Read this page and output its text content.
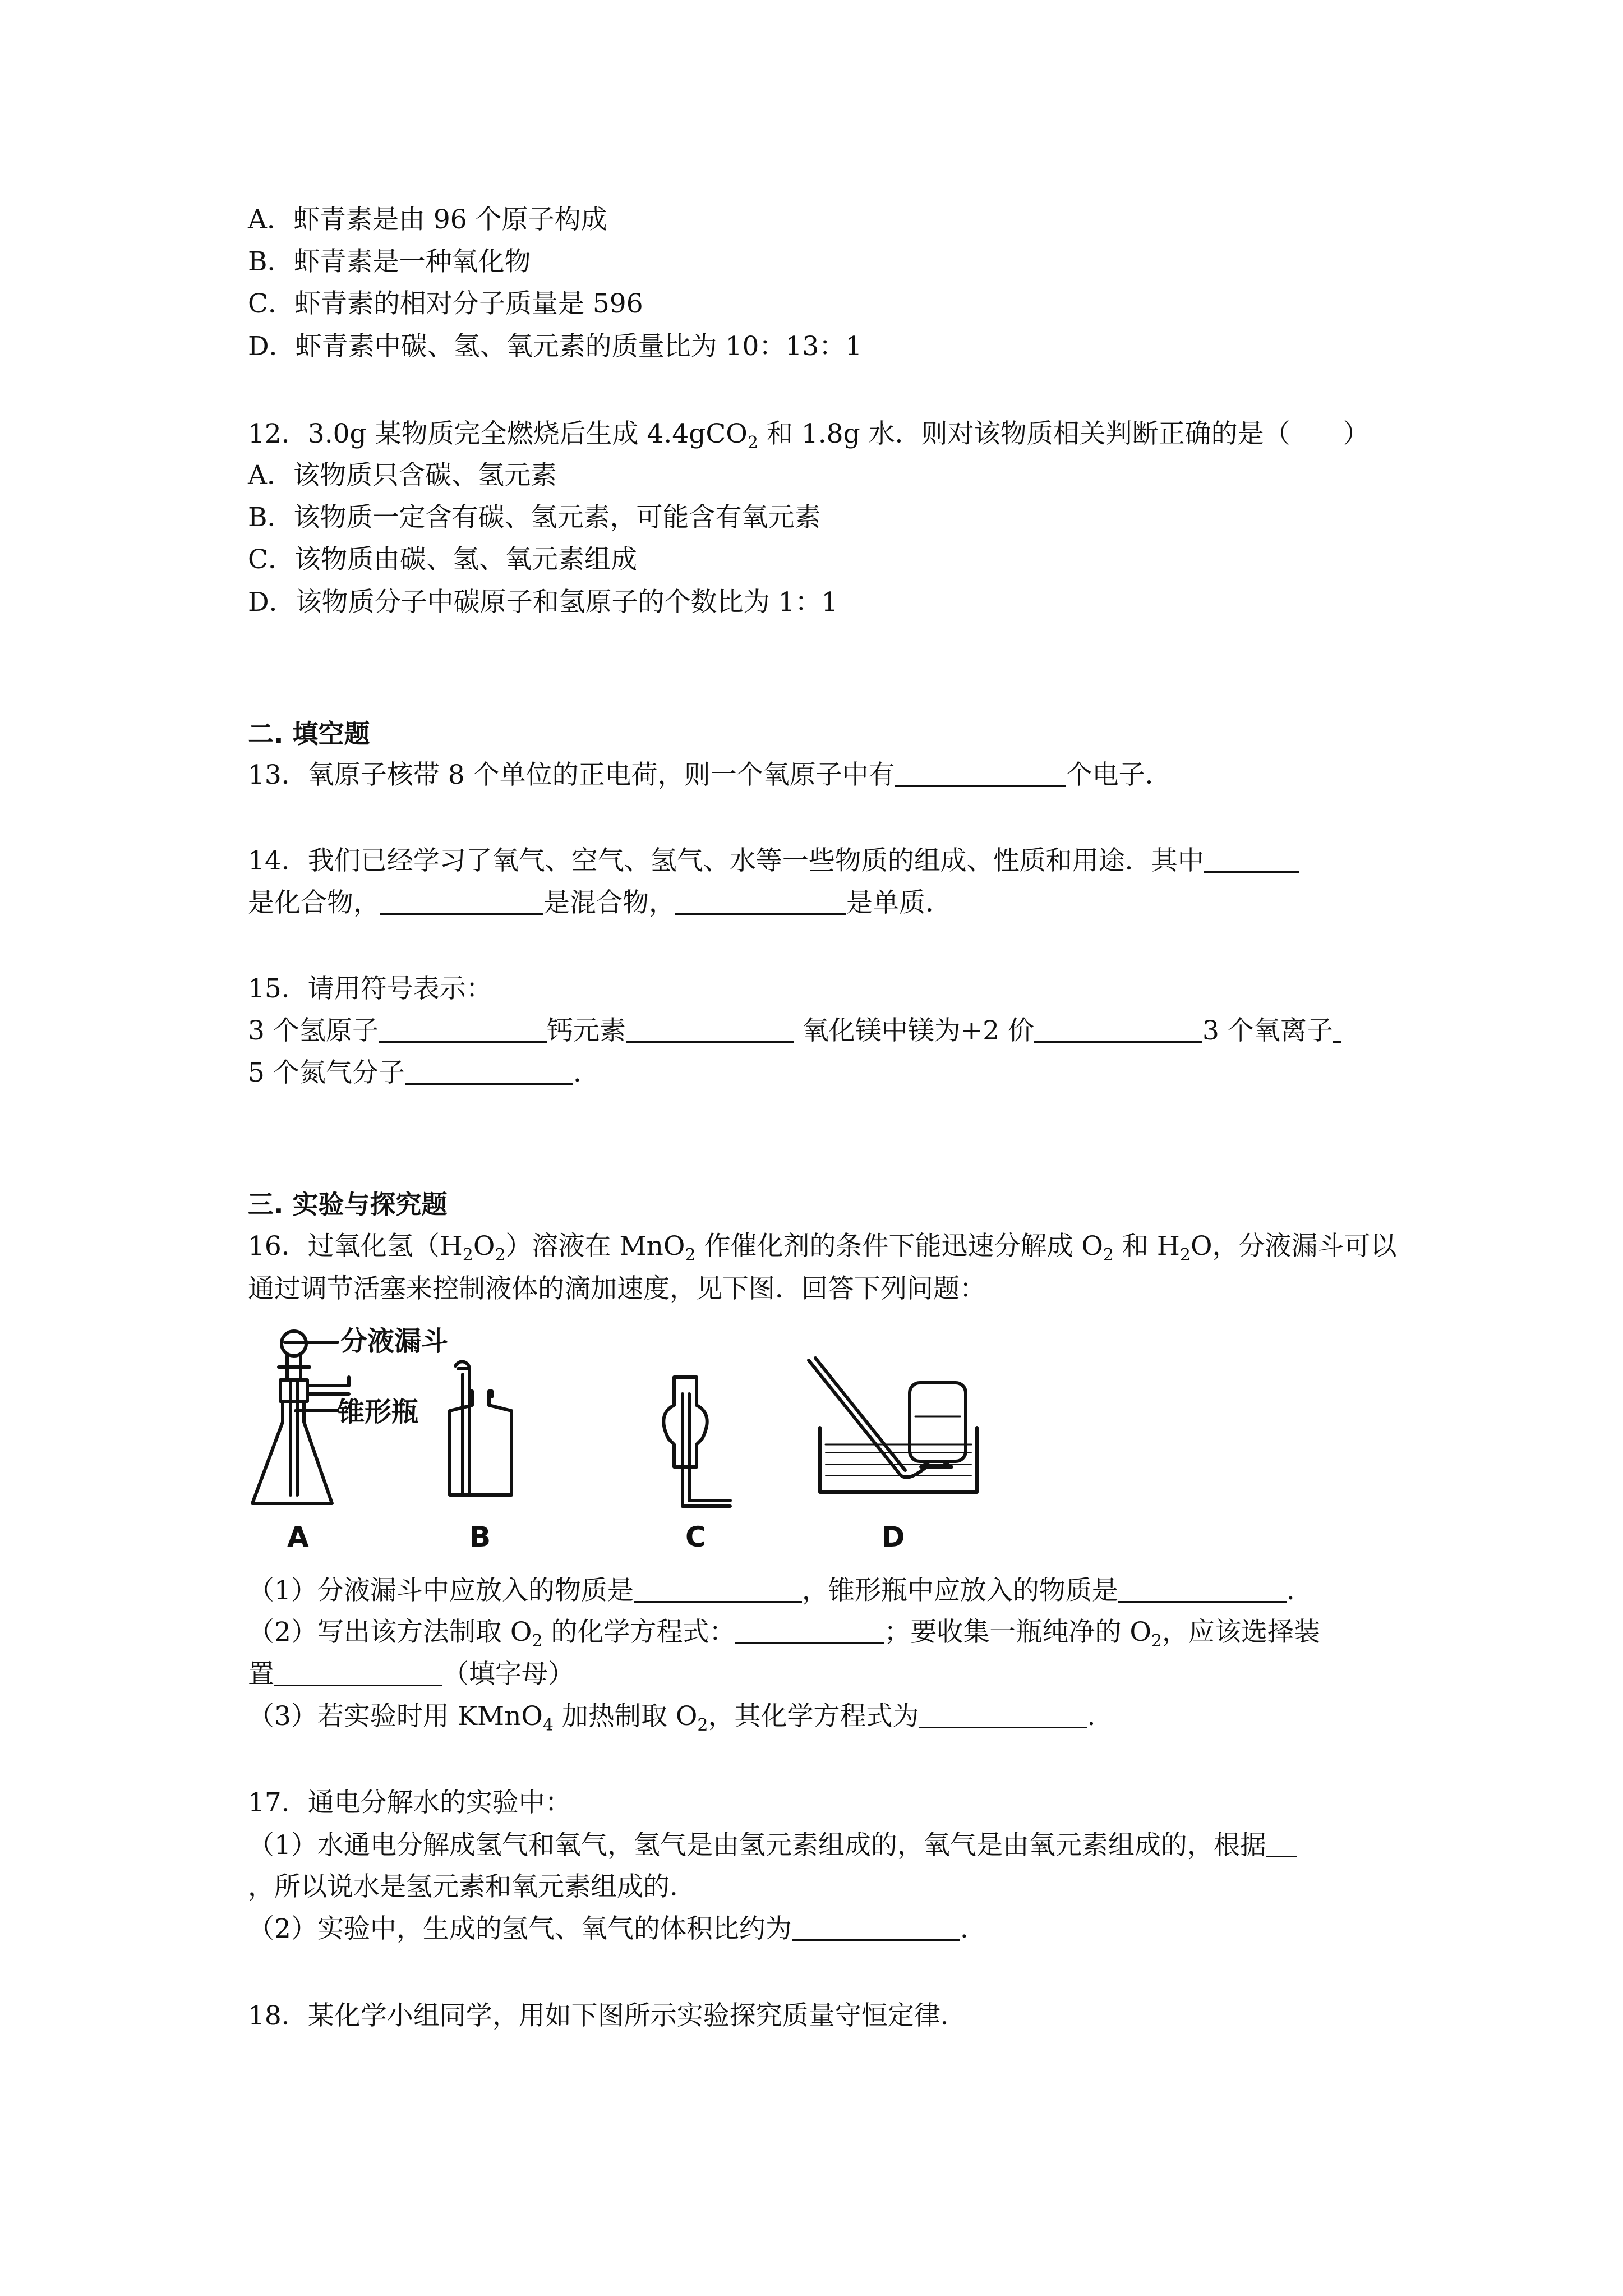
A．虾青素是由 96 个原子构成
B．虾青素是一种氧化物
C．虾青素的相对分子质量是 596
D．虾青素中碳、氢、氧元素的质量比为 10：13：1
12．3.0g 某物质完全燃烧后生成 4.4gCO$_2$ 和 1.8g 水．则对该物质相关判断正确的是（　　）
A．该物质只含碳、氢元素
B．该物质一定含有碳、氢元素，可能含有氧元素
C．该物质由碳、氢、氧元素组成
D．该物质分子中碳原子和氢原子的个数比为 1：1
二. 填空题
13．氧原子核带 8 个单位的正电荷，则一个氧原子中有	个电子．
14．我们已经学习了氧气、空气、氢气、水等一些物质的组成、性质和用途．其中
是化合物，	是混合物，	是单质．
15．请用符号表示：
3 个氢原子	钙元素	氧化镁中镁为+2 价	3 个氧离子
5 个氮气分子	.
三. 实验与探究题
16．过氧化氢$(H_2O_2)$溶液在 MnO$_2$ 作催化剂的条件下能迅速分解成 $O_2$ 和 $H_2O$，分液漏斗可以
通过调节活塞来控制液体的滴加速度，见下图．回答下列问题：
分液漏斗
锥形瓶
A	B	C	D
（1）分液漏斗中应放入的物质是	，锥形瓶中应放入的物质是	.
（2）写出该方法制取 $O_2$ 的化学方程式：	；要收集一瓶纯净的 $O_2$，应该选择装
置	（填字母）
（3）若实验时用 KMnO$_4$ 加热制取 $O_2$，其化学方程式为	.
17．通电分解水的实验中：
（1）水通电分解成氢气和氧气，氢气是由氢元素组成的，氧气是由氧元素组成的，根据
，所以说水是氢元素和氧元素组成的．
（2）实验中，生成的氢气、氧气的体积比约为	.
18．某化学小组同学，用如下图所示实验探究质量守恒定律．
